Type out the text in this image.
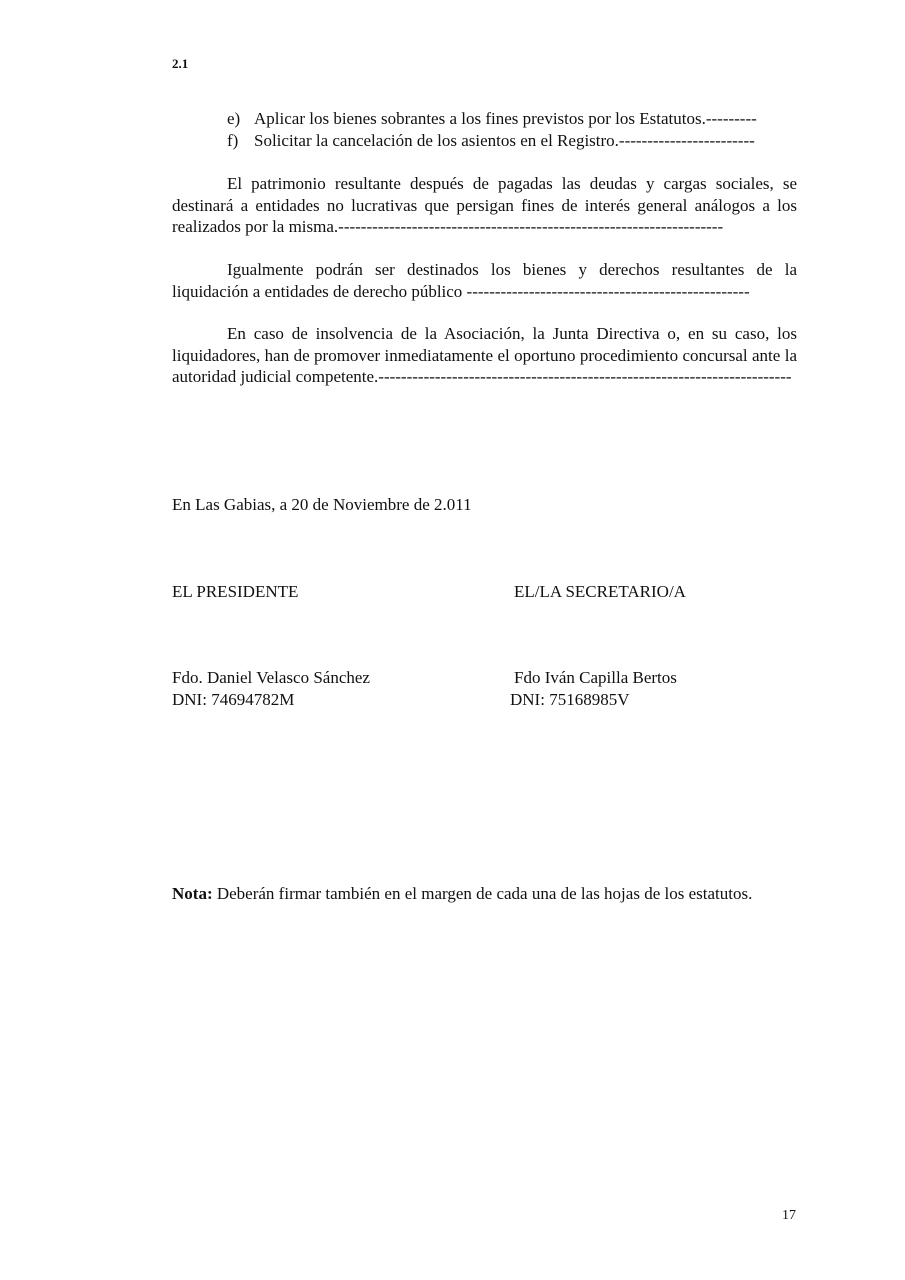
2.1
e) Aplicar los bienes sobrantes a los fines previstos por los Estatutos.---------
f) Solicitar la cancelación de los asientos en el Registro.------------------------

El patrimonio resultante después de pagadas las deudas y cargas sociales, se destinará a entidades no lucrativas que persigan fines de interés general análogos a los realizados por la misma.--------------------------------------------------------------------

Igualmente podrán ser destinados los bienes y derechos resultantes de la liquidación a entidades de derecho público --------------------------------------------------

En caso de insolvencia de la Asociación, la Junta Directiva o, en su caso, los liquidadores, han de promover inmediatamente el oportuno procedimiento concursal ante la autoridad judicial competente.-------------------------------------------------------------------------

En Las Gabias, a 20 de Noviembre de 2.011
EL PRESIDENTE	EL/LA SECRETARIO/A
Fdo. Daniel Velasco Sánchez	Fdo Iván Capilla Bertos
DNI: 74694782M	DNI: 75168985V
Nota: Deberán firmar también en el margen de cada una de las hojas de los estatutos.
17
